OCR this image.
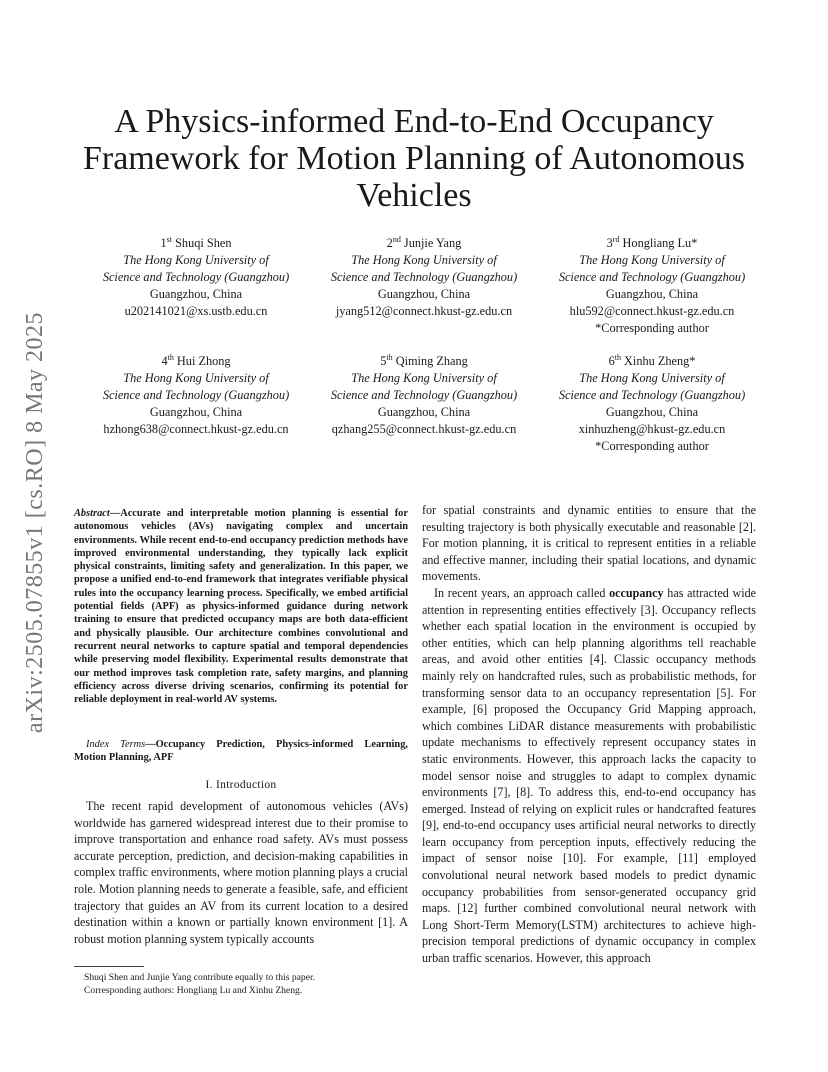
arXiv:2505.07855v1 [cs.RO] 8 May 2025
A Physics-informed End-to-End Occupancy Framework for Motion Planning of Autonomous Vehicles
1st Shuqi Shen
The Hong Kong University of
Science and Technology (Guangzhou)
Guangzhou, China
u202141021@xs.ustb.edu.cn
2nd Junjie Yang
The Hong Kong University of
Science and Technology (Guangzhou)
Guangzhou, China
jyang512@connect.hkust-gz.edu.cn
3rd Hongliang Lu*
The Hong Kong University of
Science and Technology (Guangzhou)
Guangzhou, China
hlu592@connect.hkust-gz.edu.cn
*Corresponding author
4th Hui Zhong
The Hong Kong University of
Science and Technology (Guangzhou)
Guangzhou, China
hzhong638@connect.hkust-gz.edu.cn
5th Qiming Zhang
The Hong Kong University of
Science and Technology (Guangzhou)
Guangzhou, China
qzhang255@connect.hkust-gz.edu.cn
6th Xinhu Zheng*
The Hong Kong University of
Science and Technology (Guangzhou)
Guangzhou, China
xinhuzheng@hkust-gz.edu.cn
*Corresponding author
Abstract—Accurate and interpretable motion planning is essential for autonomous vehicles (AVs) navigating complex and uncertain environments. While recent end-to-end occupancy prediction methods have improved environmental understanding, they typically lack explicit physical constraints, limiting safety and generalization. In this paper, we propose a unified end-to-end framework that integrates verifiable physical rules into the occupancy learning process. Specifically, we embed artificial potential fields (APF) as physics-informed guidance during network training to ensure that predicted occupancy maps are both data-efficient and physically plausible. Our architecture combines convolutional and recurrent neural networks to capture spatial and temporal dependencies while preserving model flexibility. Experimental results demonstrate that our method improves task completion rate, safety margins, and planning efficiency across diverse driving scenarios, confirming its potential for reliable deployment in real-world AV systems.
Index Terms—Occupancy Prediction, Physics-informed Learning, Motion Planning, APF
I. Introduction
The recent rapid development of autonomous vehicles (AVs) worldwide has garnered widespread interest due to their promise to improve transportation and enhance road safety. AVs must possess accurate perception, prediction, and decision-making capabilities in complex traffic environments, where motion planning plays a crucial role. Motion planning needs to generate a feasible, safe, and efficient trajectory that guides an AV from its current location to a desired destination within a known or partially known environment [1]. A robust motion planning system typically accounts

Shuqi Shen and Junjie Yang contribute equally to this paper.

Corresponding authors: Hongliang Lu and Xinhu Zheng.

for spatial constraints and dynamic entities to ensure that the resulting trajectory is both physically executable and reasonable [2]. For motion planning, it is critical to represent entities in a reliable and effective manner, including their spatial locations, and dynamic movements.

In recent years, an approach called occupancy has attracted wide attention in representing entities effectively [3]. Occupancy reflects whether each spatial location in the environment is occupied by other entities, which can help planning algorithms tell reachable areas, and avoid other entities [4]. Classic occupancy methods mainly rely on handcrafted rules, such as probabilistic methods, for transforming sensor data to an occupancy representation [5]. For example, [6] proposed the Occupancy Grid Mapping approach, which combines LiDAR distance measurements with probabilistic update mechanisms to effectively represent occupancy states in static environments. However, this approach lacks the capacity to model sensor noise and struggles to adapt to complex dynamic environments [7], [8]. To address this, end-to-end occupancy has emerged. Instead of relying on explicit rules or handcrafted features [9], end-to-end occupancy uses artificial neural networks to directly learn occupancy from perception inputs, effectively reducing the impact of sensor noise [10]. For example, [11] employed convolutional neural network based models to predict dynamic occupancy probabilities from sensor-generated occupancy grid maps. [12] further combined convolutional neural network with Long Short-Term Memory(LSTM) architectures to achieve high-precision temporal predictions of dynamic occupancy in complex urban traffic scenarios. However, this approach
